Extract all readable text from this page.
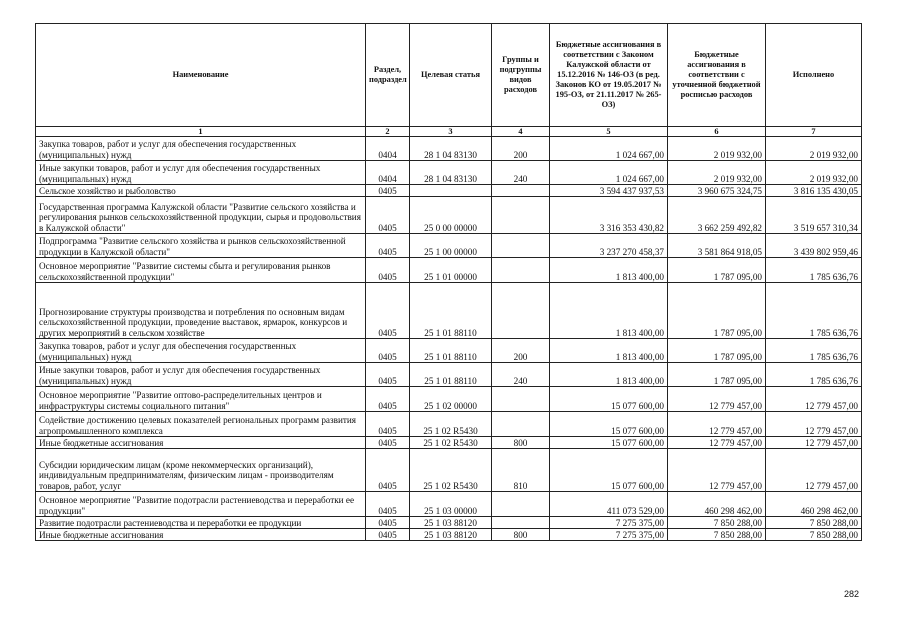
Наименование	Раздел, подраздел	Целевая статья	Группы и подгруппы видов расходов	Бюджетные ассигнования в соответствии с Законом Калужской области от 15.12.2016 № 146-ОЗ (в ред. Законов КО от 19.05.2017 № 195-ОЗ, от 21.11.2017 № 265-ОЗ)	Бюджетные ассигнования в соответствии с уточненной бюджетной росписью расходов	Исполнено
1	2	3	4	5	6	7
Закупка товаров, работ и услуг для обеспечения государственных (муниципальных) нужд	0404	28 1 04 83130	200	1 024 667,00	2 019 932,00	2 019 932,00
Иные закупки товаров, работ и услуг для обеспечения государственных (муниципальных) нужд	0404	28 1 04 83130	240	1 024 667,00	2 019 932,00	2 019 932,00
Сельское хозяйство и рыболовство	0405			3 594 437 937,53	3 960 675 324,75	3 816 135 430,05
Государственная программа Калужской области "Развитие сельского хозяйства и регулирования рынков сельскохозяйственной продукции, сырья и продовольствия в Калужской области"	0405	25 0 00 00000		3 316 353 430,82	3 662 259 492,82	3 519 657 310,34
Подпрограмма "Развитие сельского хозяйства и рынков сельскохозяйственной продукции в Калужской области"	0405	25 1 00 00000		3 237 270 458,37	3 581 864 918,05	3 439 802 959,46
Основное мероприятие "Развитие системы сбыта и регулирования рынков сельскохозяйственной продукции"	0405	25 1 01 00000		1 813 400,00	1 787 095,00	1 785 636,76
Прогнозирование структуры производства и потребления по основным видам сельскохозяйственной продукции, проведение выставок, ярмарок, конкурсов и других мероприятий в сельском хозяйстве	0405	25 1 01 88110		1 813 400,00	1 787 095,00	1 785 636,76
Закупка товаров, работ и услуг для обеспечения государственных (муниципальных) нужд	0405	25 1 01 88110	200	1 813 400,00	1 787 095,00	1 785 636,76
Иные закупки товаров, работ и услуг для обеспечения государственных (муниципальных) нужд	0405	25 1 01 88110	240	1 813 400,00	1 787 095,00	1 785 636,76
Основное мероприятие "Развитие оптово-распределительных центров и инфраструктуры системы социального питания"	0405	25 1 02 00000		15 077 600,00	12 779 457,00	12 779 457,00
Содействие достижению целевых показателей региональных программ развития агропромышленного комплекса	0405	25 1 02 R5430		15 077 600,00	12 779 457,00	12 779 457,00
Иные бюджетные ассигнования	0405	25 1 02 R5430	800	15 077 600,00	12 779 457,00	12 779 457,00
Субсидии юридическим лицам (кроме некоммерческих организаций), индивидуальным предпринимателям, физическим лицам - производителям товаров, работ, услуг	0405	25 1 02 R5430	810	15 077 600,00	12 779 457,00	12 779 457,00
Основное мероприятие "Развитие подотрасли растениеводства и переработки ее продукции"	0405	25 1 03 00000		411 073 529,00	460 298 462,00	460 298 462,00
Развитие подотрасли растениеводства и переработки ее продукции	0405	25 1 03 88120		7 275 375,00	7 850 288,00	7 850 288,00
Иные бюджетные ассигнования	0405	25 1 03 88120	800	7 275 375,00	7 850 288,00	7 850 288,00
282
